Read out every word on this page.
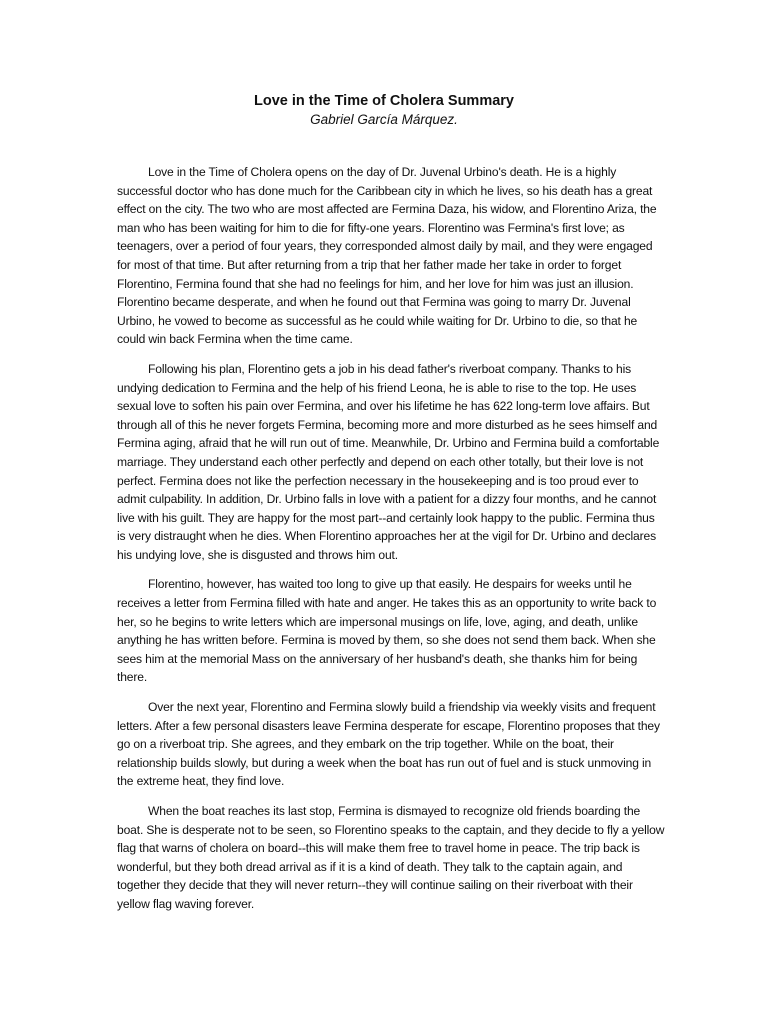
Love in the Time of Cholera Summary
Gabriel García Márquez.

Love in the Time of Cholera opens on the day of Dr. Juvenal Urbino's death. He is a highly successful doctor who has done much for the Caribbean city in which he lives, so his death has a great effect on the city. The two who are most affected are Fermina Daza, his widow, and Florentino Ariza, the man who has been waiting for him to die for fifty-one years. Florentino was Fermina's first love; as teenagers, over a period of four years, they corresponded almost daily by mail, and they were engaged for most of that time. But after returning from a trip that her father made her take in order to forget Florentino, Fermina found that she had no feelings for him, and her love for him was just an illusion. Florentino became desperate, and when he found out that Fermina was going to marry Dr. Juvenal Urbino, he vowed to become as successful as he could while waiting for Dr. Urbino to die, so that he could win back Fermina when the time came.

Following his plan, Florentino gets a job in his dead father's riverboat company. Thanks to his undying dedication to Fermina and the help of his friend Leona, he is able to rise to the top. He uses sexual love to soften his pain over Fermina, and over his lifetime he has 622 long-term love affairs. But through all of this he never forgets Fermina, becoming more and more disturbed as he sees himself and Fermina aging, afraid that he will run out of time. Meanwhile, Dr. Urbino and Fermina build a comfortable marriage. They understand each other perfectly and depend on each other totally, but their love is not perfect. Fermina does not like the perfection necessary in the housekeeping and is too proud ever to admit culpability. In addition, Dr. Urbino falls in love with a patient for a dizzy four months, and he cannot live with his guilt. They are happy for the most part--and certainly look happy to the public. Fermina thus is very distraught when he dies. When Florentino approaches her at the vigil for Dr. Urbino and declares his undying love, she is disgusted and throws him out.

Florentino, however, has waited too long to give up that easily. He despairs for weeks until he receives a letter from Fermina filled with hate and anger. He takes this as an opportunity to write back to her, so he begins to write letters which are impersonal musings on life, love, aging, and death, unlike anything he has written before. Fermina is moved by them, so she does not send them back. When she sees him at the memorial Mass on the anniversary of her husband's death, she thanks him for being there.

Over the next year, Florentino and Fermina slowly build a friendship via weekly visits and frequent letters. After a few personal disasters leave Fermina desperate for escape, Florentino proposes that they go on a riverboat trip. She agrees, and they embark on the trip together. While on the boat, their relationship builds slowly, but during a week when the boat has run out of fuel and is stuck unmoving in the extreme heat, they find love.

When the boat reaches its last stop, Fermina is dismayed to recognize old friends boarding the boat. She is desperate not to be seen, so Florentino speaks to the captain, and they decide to fly a yellow flag that warns of cholera on board--this will make them free to travel home in peace. The trip back is wonderful, but they both dread arrival as if it is a kind of death. They talk to the captain again, and together they decide that they will never return--they will continue sailing on their riverboat with their yellow flag waving forever.
